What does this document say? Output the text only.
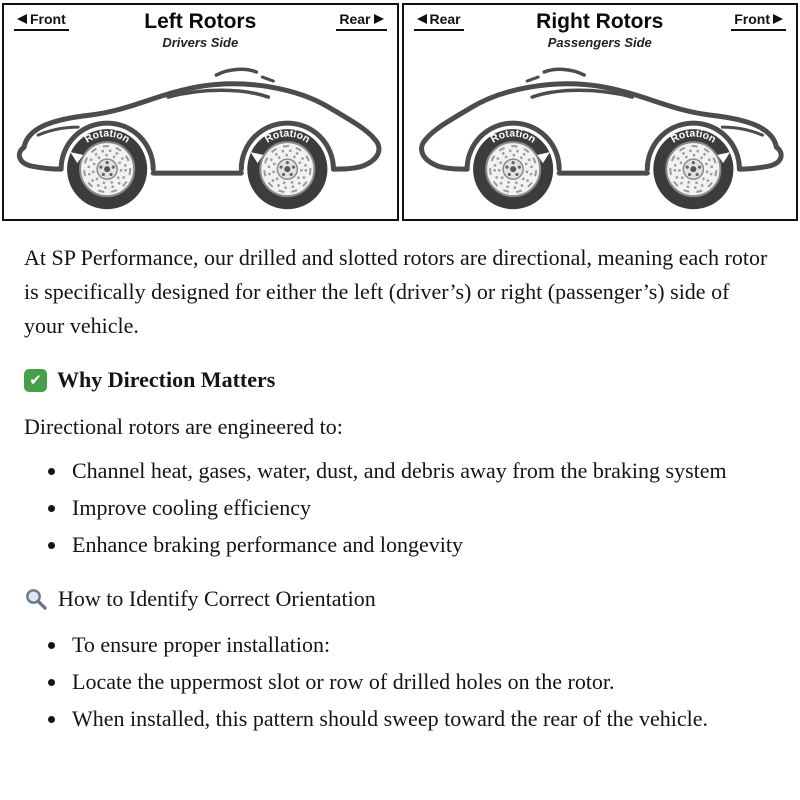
Front	Left Rotors
Drivers Side
Rear
Rotation	Rotation
Rear	Right Rotors
Passengers Side
Front
Rotation	Rotation

At SP Performance, our drilled and slotted rotors are directional, meaning each rotor is specifically designed for either the left (driver’s) or right (passenger’s) side of your vehicle.

✔
Why Direction Matters

Directional rotors are engineered to:

• Channel heat, gases, water, dust, and debris away from the braking system
• Improve cooling efficiency
• Enhance braking performance and longevity
How to Identify Correct Orientation
• To ensure proper installation:
• Locate the uppermost slot or row of drilled holes on the rotor.
• When installed, this pattern should sweep toward the rear of the vehicle.
